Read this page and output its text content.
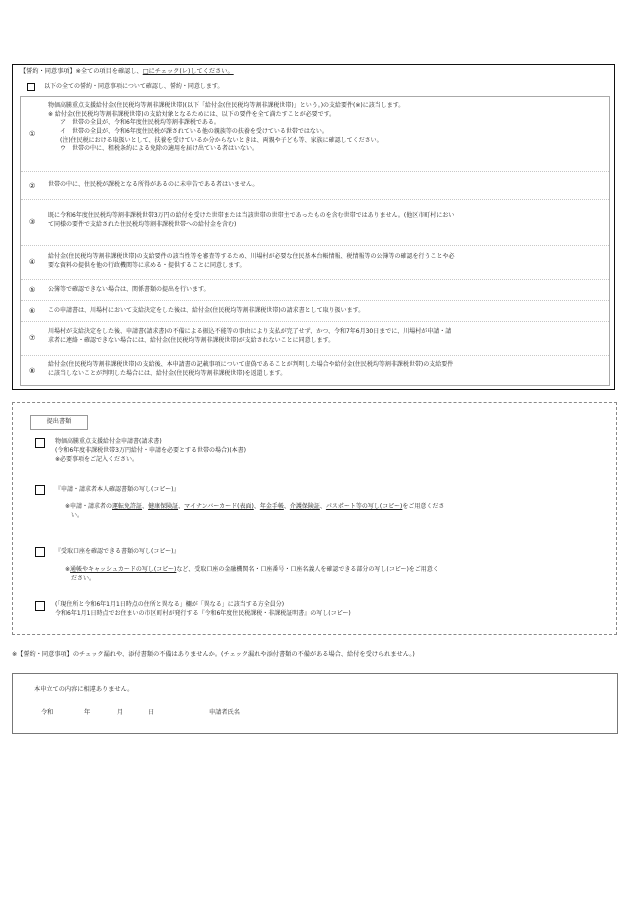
【誓約・同意事項】※全ての項目を確認し、□にチェック(レ)してください。
以下の全ての誓約・同意事項について確認し、誓約・同意します。
①
物価高騰重点支援給付金(住民税均等割非課税世帯)(以下「給付金(住民税均等割非課税世帯)」という。)の支給要件(※)に該当します。
※ 給付金(住民税均等割非課税世帯)の支給対象となるためには、以下の要件を全て満たすことが必要です。
　ア　世帯の全員が、令和6年度住民税均等割非課税である。
　イ　世帯の全員が、令和6年度住民税が課されている他の親族等の扶養を受けている世帯ではない。
　(注)住民税における取扱いとして、扶養を受けているか分からないときは、両親や子ども等、家族に確認してください。
　ウ　世帯の中に、租税条約による免除の適用を届け出ている者はいない。
② 世帯の中に、住民税が課税となる所得があるのに未申告である者はいません。
③
既に令和6年度住民税均等割非課税世帯3万円の給付を受けた世帯または当該世帯の世帯主であったものを含む世帯ではありません。(他区市町村におい
て同様の要件で支給された住民税均等割非課税世帯への給付金を含む)
④
給付金(住民税均等割非課税世帯)の支給要件の該当性等を審査等するため、川場村が必要な住民基本台帳情報、税情報等の公簿等の確認を行うことや必
要な資料の提供を他の行政機関等に求める・提供することに同意します。
⑤ 公簿等で確認できない場合は、関係書類の提出を行います。
⑥ この申請書は、川場村において支給決定をした後は、給付金(住民税均等割非課税世帯)の請求書として取り扱います。
⑦
川場村が支給決定をした後、申請書(請求書)の不備による振込不能等の事由により支払が完了せず、かつ、令和7年6月30日までに、川場村が申請・請
求者に連絡・確認できない場合には、給付金(住民税均等割非課税世帯)が支給されないことに同意します。
⑧
給付金(住民税均等割非課税世帯)の支給後、本申請書の記載事項について虚偽であることが判明した場合や給付金(住民税均等割非課税世帯)の支給要件
に該当しないことが判明した場合には、給付金(住民税均等割非課税世帯)を返還します。
提出書類
物価高騰重点支援給付金申請書(請求書)
(令和6年度非課税世帯3万円給付・申請を必要とする世帯の場合)(本書)
※必要事項をご記入ください。
『申請・請求者本人確認書類の写し(コピー)』
※申請・請求者の運転免許証、健康保険証、マイナンバーカード(表面)、年金手帳、介護保険証、パスポート等の写し(コピー)をご用意くださ
い。
『受取口座を確認できる書類の写し(コピー)』
※通帳やキャッシュカードの写し(コピー)など、受取口座の金融機関名・口座番号・口座名義人を確認できる部分の写し(コピー)をご用意く
ださい。
(「現住所と令和6年1月1日時点の住所と異なる」欄が「異なる」に該当する方全員分)
令和6年1月1日時点でお住まいの市区町村が発行する『令和6年度住民税課税・非課税証明書』の写し(コピー)
※【誓約・同意事項】のチェック漏れや、添付書類の不備はありませんか。(チェック漏れや添付書類の不備がある場合、給付を受けられません。)
本申立ての内容に相違ありません。
令和	年	月	日	申請者氏名
